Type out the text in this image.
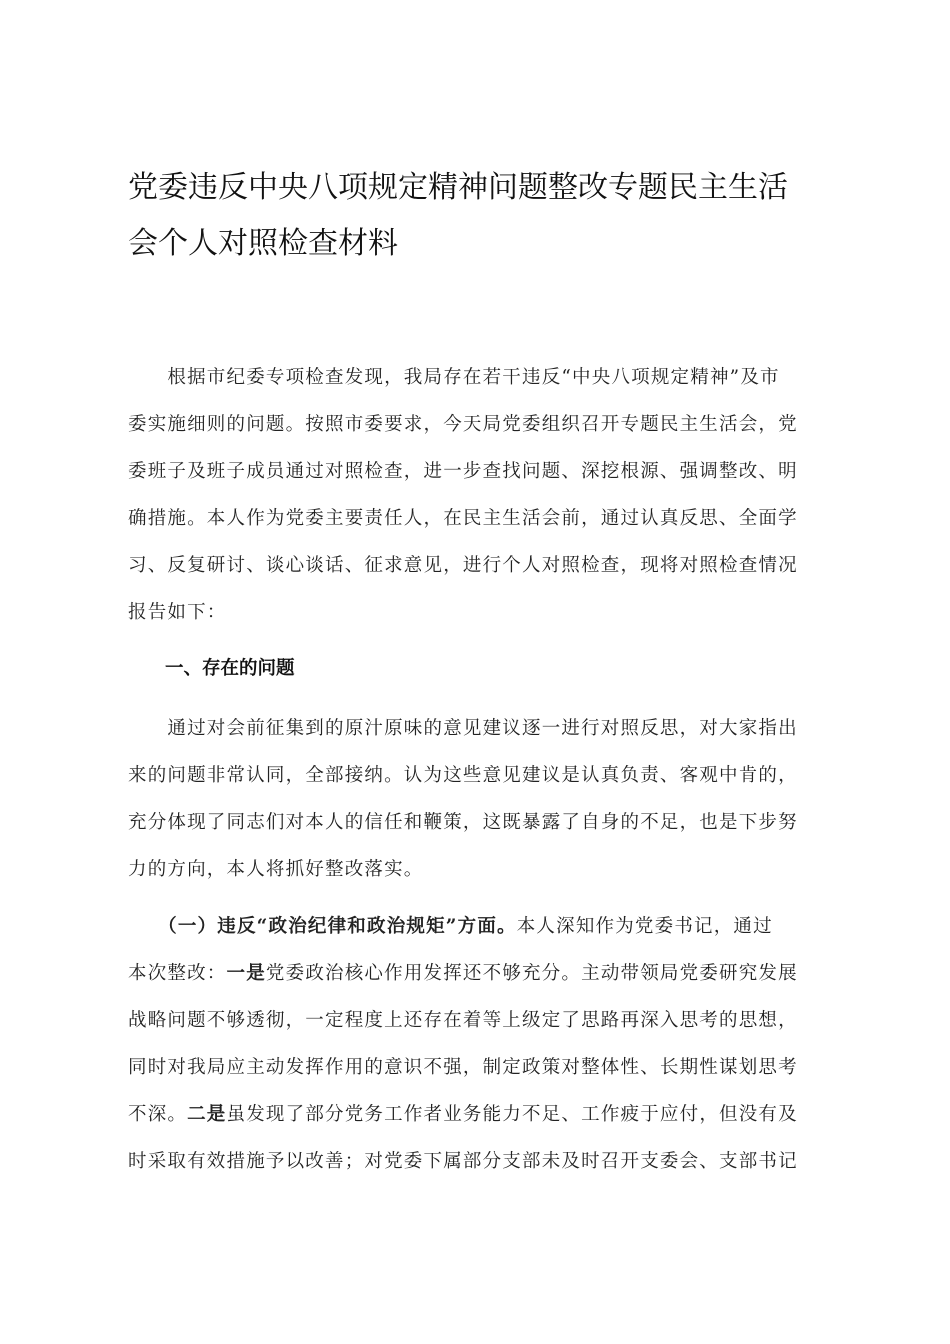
党委违反中央八项规定精神问题整改专题民主生活
会个人对照检查材料

　　根据市纪委专项检查发现，我局存在若干违反“中央八项规定精神”及市
委实施细则的问题。按照市委要求，今天局党委组织召开专题民主生活会，党
委班子及班子成员通过对照检查，进一步查找问题、深挖根源、强调整改、明
确措施。本人作为党委主要责任人，在民主生活会前，通过认真反思、全面学
习、反复研讨、谈心谈话、征求意见，进行个人对照检查，现将对照检查情况
报告如下：

一、存在的问题

　　通过对会前征集到的原汁原味的意见建议逐一进行对照反思，对大家指出
来的问题非常认同，全部接纳。认为这些意见建议是认真负责、客观中肯的，
充分体现了同志们对本人的信任和鞭策，这既暴露了自身的不足，也是下步努
力的方向，本人将抓好整改落实。

　　（一）违反“政治纪律和政治规矩”方面。本人深知作为党委书记，通过
本次整改：一是党委政治核心作用发挥还不够充分。主动带领局党委研究发展
战略问题不够透彻，一定程度上还存在着等上级定了思路再深入思考的思想，
同时对我局应主动发挥作用的意识不强，制定政策对整体性、长期性谋划思考
不深。二是虽发现了部分党务工作者业务能力不足、工作疲于应付，但没有及
时采取有效措施予以改善；对党委下属部分支部未及时召开支委会、支部书记
